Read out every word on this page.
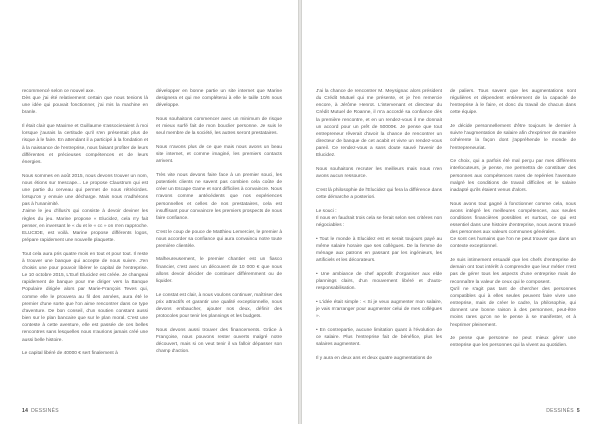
recommencé selon ce nouvel axe.
Dès que j'ai été relativement certain que nous tenions là une idée qui pouvait fonctionner, j'ai mis la machine en branle.

Il était clair que Maxime et Guillaume s'associeraient à moi lorsque j'aurais la certitude qu'il s'en présentait plus de risque à le faire. En attendant il a participé à la fondation et à la naissance de l'entreprise, nous faisant profiter de leurs différentes et précieuses compétences et de leurs énergies.

Nous sommes en août 2015, nous devons trouver un nom, nous étions sur Inescape... Le propose Claustrum qui est une partie du cerveau qui permet de nous rétrécirdes. lorsqu'on y ennuie une décharge. Mais nous n'adhérons pas à l'unanimité.
J'aime le jeu d'illusi's qui consiste à devoir deviner les règles du jeu. Marine propose « Elucidez, cela n'y fait penser, en inversant le « du et le « cc » on n'en rapproche. ELUCIDE, est voilà. Marine propose différents logos, prépare rapidement une nouvelle plaquette.

Tout cela aura pris quatre mois en tout et pour tout. Il reste à trouver une banque qui accepte de nous suivre. J'en choisis une pour pouvoir libérer le capital de l'entreprise. Le 10 octobre 2015, L'Eurl Elucidez est créée. Je changeai rapidement de banque pour me diriger vers la Banque Populaire dirigée alors par Marie-François Teves qui, comme elle le prouvera au fil des années, aura été le premier d'une sorte que l'on aime rencontrer dans ce type d'aventure. De bon conseil, d'un soutien constant aussi bien sur le plan bancaire que sur le plan moral. C'est une conteste à cette aventure, elle est passée de ces belles rencontres sans lesquelles nous n'aurions jamais créé une aussi belle histoire.

Le capital libéré de 40000 € sert finalement à

développer en bonne partie un site internet que Marine designera et qui me compléterai à elle le taille 10/6 nous développe.

Nous souhaitons commencer avec un minimum de risque et mieux surfé fait de mon bouclier personne. Je suis le seul membre de la société, les autres seront prestataires.

Nous n'avons plus de ce que mais nous avons un beau site internet, et comme imaginé, les premiers contacts arrivent.

Très vite nous devons faire face à un premier souci, les potentiels clients ne savent pas combien cela coûte de créer un Escape Game et sont difficiles à convaincre. Nous n'avons comme antécédents que nos expériences personnelles et celles de nos prestataires, cela est insuffisant pour convaincre les premiers prospects de nous faire confiance.

C'est le coup de pouce de Matthieu Lemercier, le premier à nous accorder sa confiance qui aura convaincu notre toute première clientèle.

Malheureusement, le premier chantier est un fiasco financier, c'est avec un découvert de 10 000 € que nous allons devoir décider de continuer différemment ou de liquider.

Le constat est clair, à nous voulons continuer, maîtriser des prix attractifs et garantir une qualité exceptionnelle, nous devons embaucher, ajouter nos deux, définir des protocoles pour tenir les plannings et les budgets.

Nous devons aussi trouver des financements. Grâce à Françoise, nous pouvons rester ouverts malgré notre découvert, mais si on veut tenir il va falloir dépasser son champ d'action.

14 DESSINÉS

J'ai la chance de rencontrer M. Meysignac alors président du Crédit Mutuel qui me présente, et je l'en remercie encore, à Jérôme Henrot. L'intervenant et directeur du Crédit Mutuel de Roanne, il m'a accordé sa confiance dès la première rencontre, et en un rendez-vous il me donnait un accord pour un prêt de 50000€. Je pense que tout entrepreneur rêverait d'avoir la chance de rencontrer un directeur de banque de cet acabit et vivre un rendez-vous pareil. Ce rendez-vous a sans doute sauvé l'avenir de Elucidez.

Nous souhaitons recruter les meilleurs mais nous n'en avons aucun ressource.

C'est là philosophie de l'Elucidez qui fera la différence dans cette démarche a posteriori.

Le souci :
Il nous en faudrait trois cela se ferait selon ses critères non négociables :

• Tout le monde à Elucidez est et serait toujours payé au même salaire horaire que ses collègues. De la femme de ménage aux patrons en passant par les ingénieurs, les artificiels et les décorateurs.

• Une ambiance de chef approfit d'organiser aux elde plannings clairs, d'un mouvement libéré et d'auto-responsabilisation.

• L'idée était simple : « Si je veux augmenter mon salaire, je vais m'arranger pour augmenter celui de mes collègues ».

• En contrepartie, aucune limitation quant à l'évolution de ce salaire. Plus l'entreprise fait de bénéfice, plus les salaires augmentent.

Il y aura en deux ans et deux quatre augmentations de

de paliers. Tous savent que les augmentations sont régulières et dépendent entièrement de la capacité de l'entreprise à le faire, et donc du travail de chacun dans cette équipe.

Je décide personnellement d'être toujours le dernier à suivre l'augmentation de salaire afin d'exprimer de manière cohérente la façon dont j'appréhende le monde de l'entrepreneuriat.

Ce choix, qui a parfois été mal perçu par mes différents interlocuteurs, je pense, me permettra de constituer des personnes aux compétences rares de repérées l'aventure malgré les conditions de travail difficiles et le salaire inadapté qu'ils étaient venus d'alors.

Nous avons tout gagné à fonctionner comme cela, nous avons intégré les meilleures compétences, aux seules conditions financières possibles et surtout, ce qui est essentiel dans une histoire d'entreprise, nous avons trouvé des personnes aux valeurs communes générales.
Ce sont ces humains que l'on ne peut trouver que dans un contexte exceptionnel.

Je suis intimement ersuadé que les chefs d'entreprise de demain ont tout intérêt à comprendre que leur métier n'est pas de gérer tous les aspects d'une entreprise mais de reconnaître la valeur de ceux qui le composent.
Qu'il ne s'agit pas tant de chercher des personnes compatibles qui à elles seules peuvent faire vivre une entreprise, mais de créer le cadre, la philosophie, qui donnent une bonne raison à des personnes, peut-être moins rares qu'on ne le pense à se manifester, et à l'exprimer pleinement.

Je pense que personne ne peut mieux gérer une entreprise que les personnes qui la vivent au quotidien.

DESSINÉS 5
